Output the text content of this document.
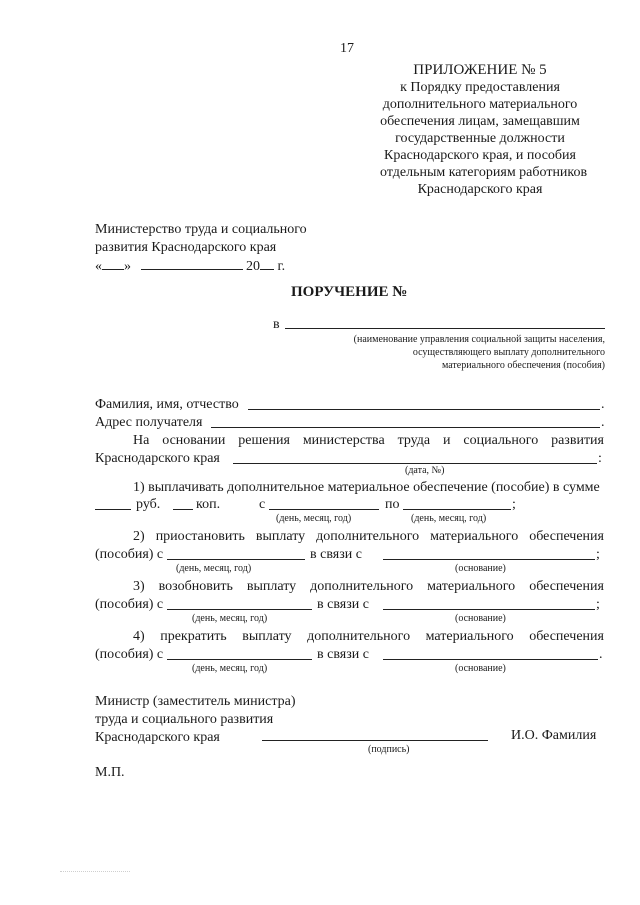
17
ПРИЛОЖЕНИЕ № 5
к Порядку предоставления
дополнительного материального
обеспечения лицам, замещавшим
государственные должности
Краснодарского края, и пособия
отдельным категориям работников
Краснодарского края
Министерство труда и социального
развития Краснодарского края
« »	20 г.
ПОРУЧЕНИЕ №
в
(наименование управления социальной защиты населения,
осуществляющего выплату дополнительного
материального обеспечения (пособия)
Фамилия, имя, отчество	.
Адрес получателя	.
На основании решения министерства труда и социального развития
Краснодарского края	:
(дата, №)
1) выплачивать дополнительное материальное обеспечение (пособие) в сумме
руб.	коп.	с	по	;
(день, месяц, год)	(день, месяц, год)
2) приостановить выплату дополнительного материального обеспечения
(пособия) с	в связи с	;
(день, месяц, год)	(основание)
3) возобновить выплату дополнительного материального обеспечения
(пособия) с	в связи с	;
(день, месяц, год)	(основание)
4) прекратить выплату дополнительного материального обеспечения
(пособия) с	в связи с	.
(день, месяц, год)	(основание)
Министр (заместитель министра)
труда и социального развития
Краснодарского края
(подпись)
И.О. Фамилия
М.П.
